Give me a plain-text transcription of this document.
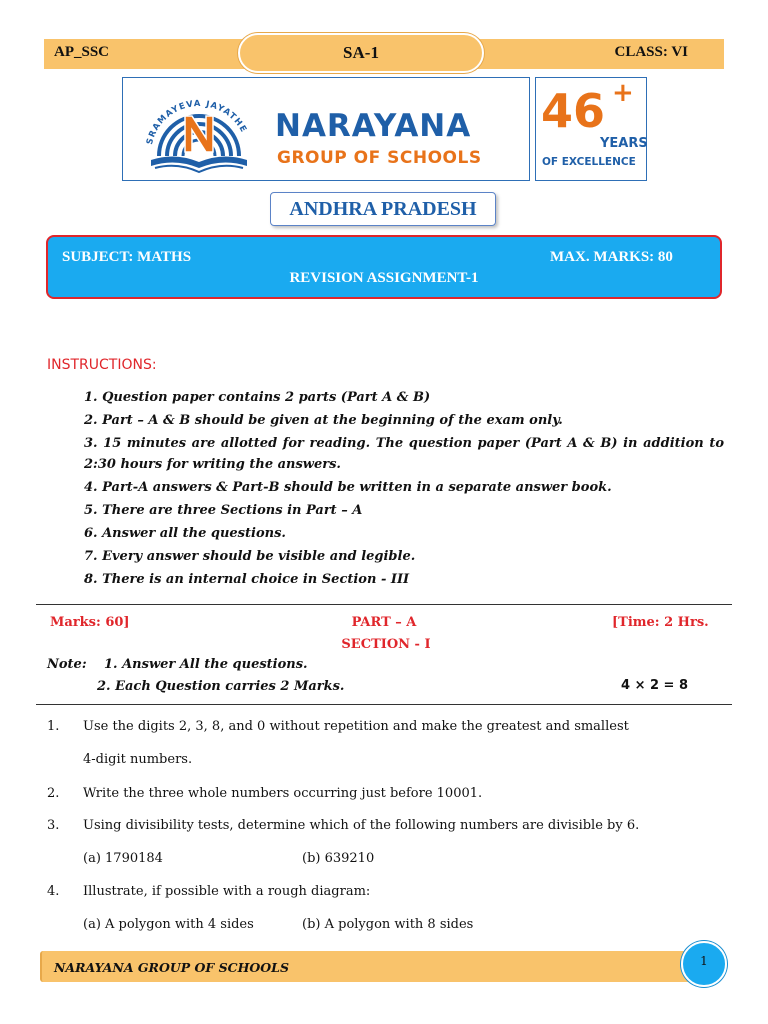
AP_SSC	SA-1	CLASS: VI
SRAMAYEVA JAYATHE NARAYANA
GROUP OF SCHOOLS
46 +
YEARS
OF EXCELLENCE
ANDHRA PRADESH
SUBJECT: MATHS	MAX. MARKS: 80
REVISION ASSIGNMENT-1
INSTRUCTIONS:
1. Question paper contains 2 parts (Part A & B)
2. Part – A & B should be given at the beginning of the exam only.
3. 15 minutes are allotted for reading. The question paper (Part A & B) in addition to 2:30 hours for writing the answers.
4. Part-A answers & Part-B should be written in a separate answer book.
5. There are three Sections in Part – A
6. Answer all the questions.
7. Every answer should be visible and legible.
8. There is an internal choice in Section - III
Marks: 60]	PART – A	[Time: 2 Hrs.
SECTION - I
Note: 1. Answer All the questions.
2. Each Question carries 2 Marks.	4 × 2 = 8
1. Use the digits 2, 3, 8, and 0 without repetition and make the greatest and smallest
4-digit numbers.
2. Write the three whole numbers occurring just before 10001.
3. Using divisibility tests, determine which of the following numbers are divisible by 6.
(a) 1790184	(b) 639210
4. Illustrate, if possible with a rough diagram:
(a) A polygon with 4 sides	(b) A polygon with 8 sides
NARAYANA GROUP OF SCHOOLS	1
